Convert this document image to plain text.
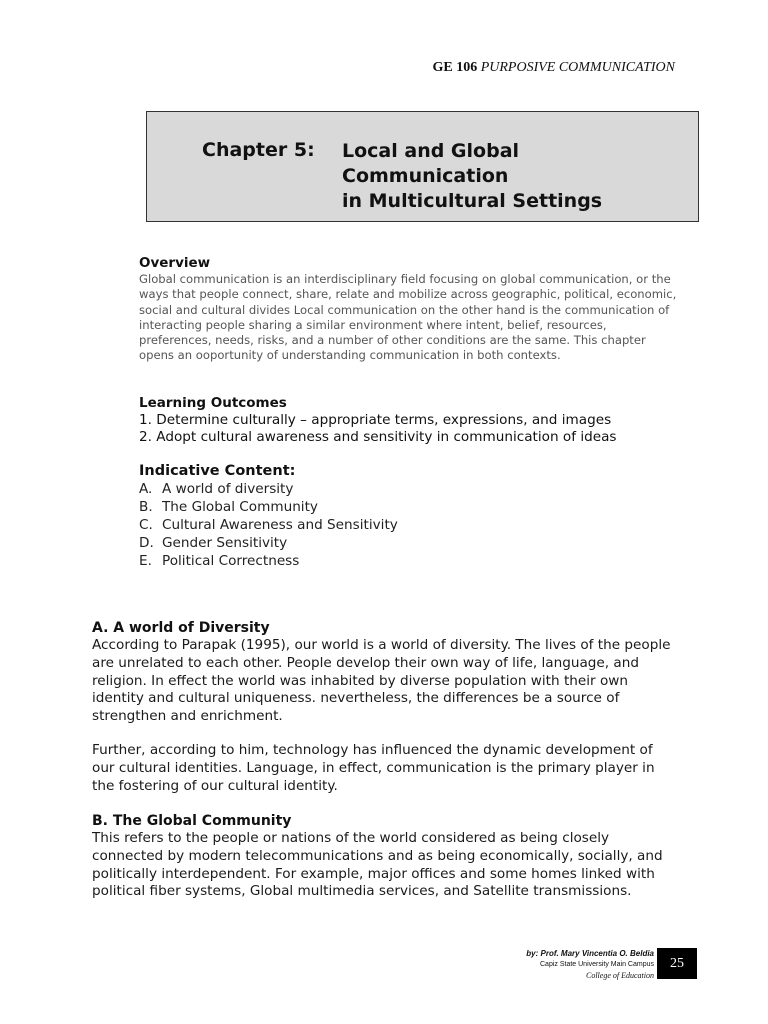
GE 106 PURPOSIVE COMMUNICATION
Chapter 5: Local and Global Communication
in Multicultural Settings
Overview
Global communication is an interdisciplinary field focusing on global communication, or the ways that people connect, share, relate and mobilize across geographic, political, economic, social and cultural divides Local communication on the other hand is the communication of interacting people sharing a similar environment where intent, belief, resources, preferences, needs, risks, and a number of other conditions are the same. This chapter opens an ooportunity of understanding communication in both contexts.
Learning Outcomes
1. Determine culturally – appropriate terms, expressions, and images
2. Adopt cultural awareness and sensitivity in communication of ideas
Indicative Content:
A. A world of diversity
B. The Global Community
C. Cultural Awareness and Sensitivity
D. Gender Sensitivity
E. Political Correctness
A. A world of Diversity

According to Parapak (1995), our world is a world of diversity. The lives of the people are unrelated to each other. People develop their own way of life, language, and religion. In effect the world was inhabited by diverse population with their own identity and cultural uniqueness. nevertheless, the differences be a source of strengthen and enrichment.

Further, according to him, technology has influenced the dynamic development of our cultural identities. Language, in effect, communication is the primary player in the fostering of our cultural identity.

B. The Global Community

This refers to the people or nations of the world considered as being closely connected by modern telecommunications and as being economically, socially, and politically interdependent. For example, major offices and some homes linked with political fiber systems, Global multimedia services, and Satellite transmissions.

by: Prof. Mary Vincentia O. Beldia
Capiz State University Main Campus
College of Education
25
